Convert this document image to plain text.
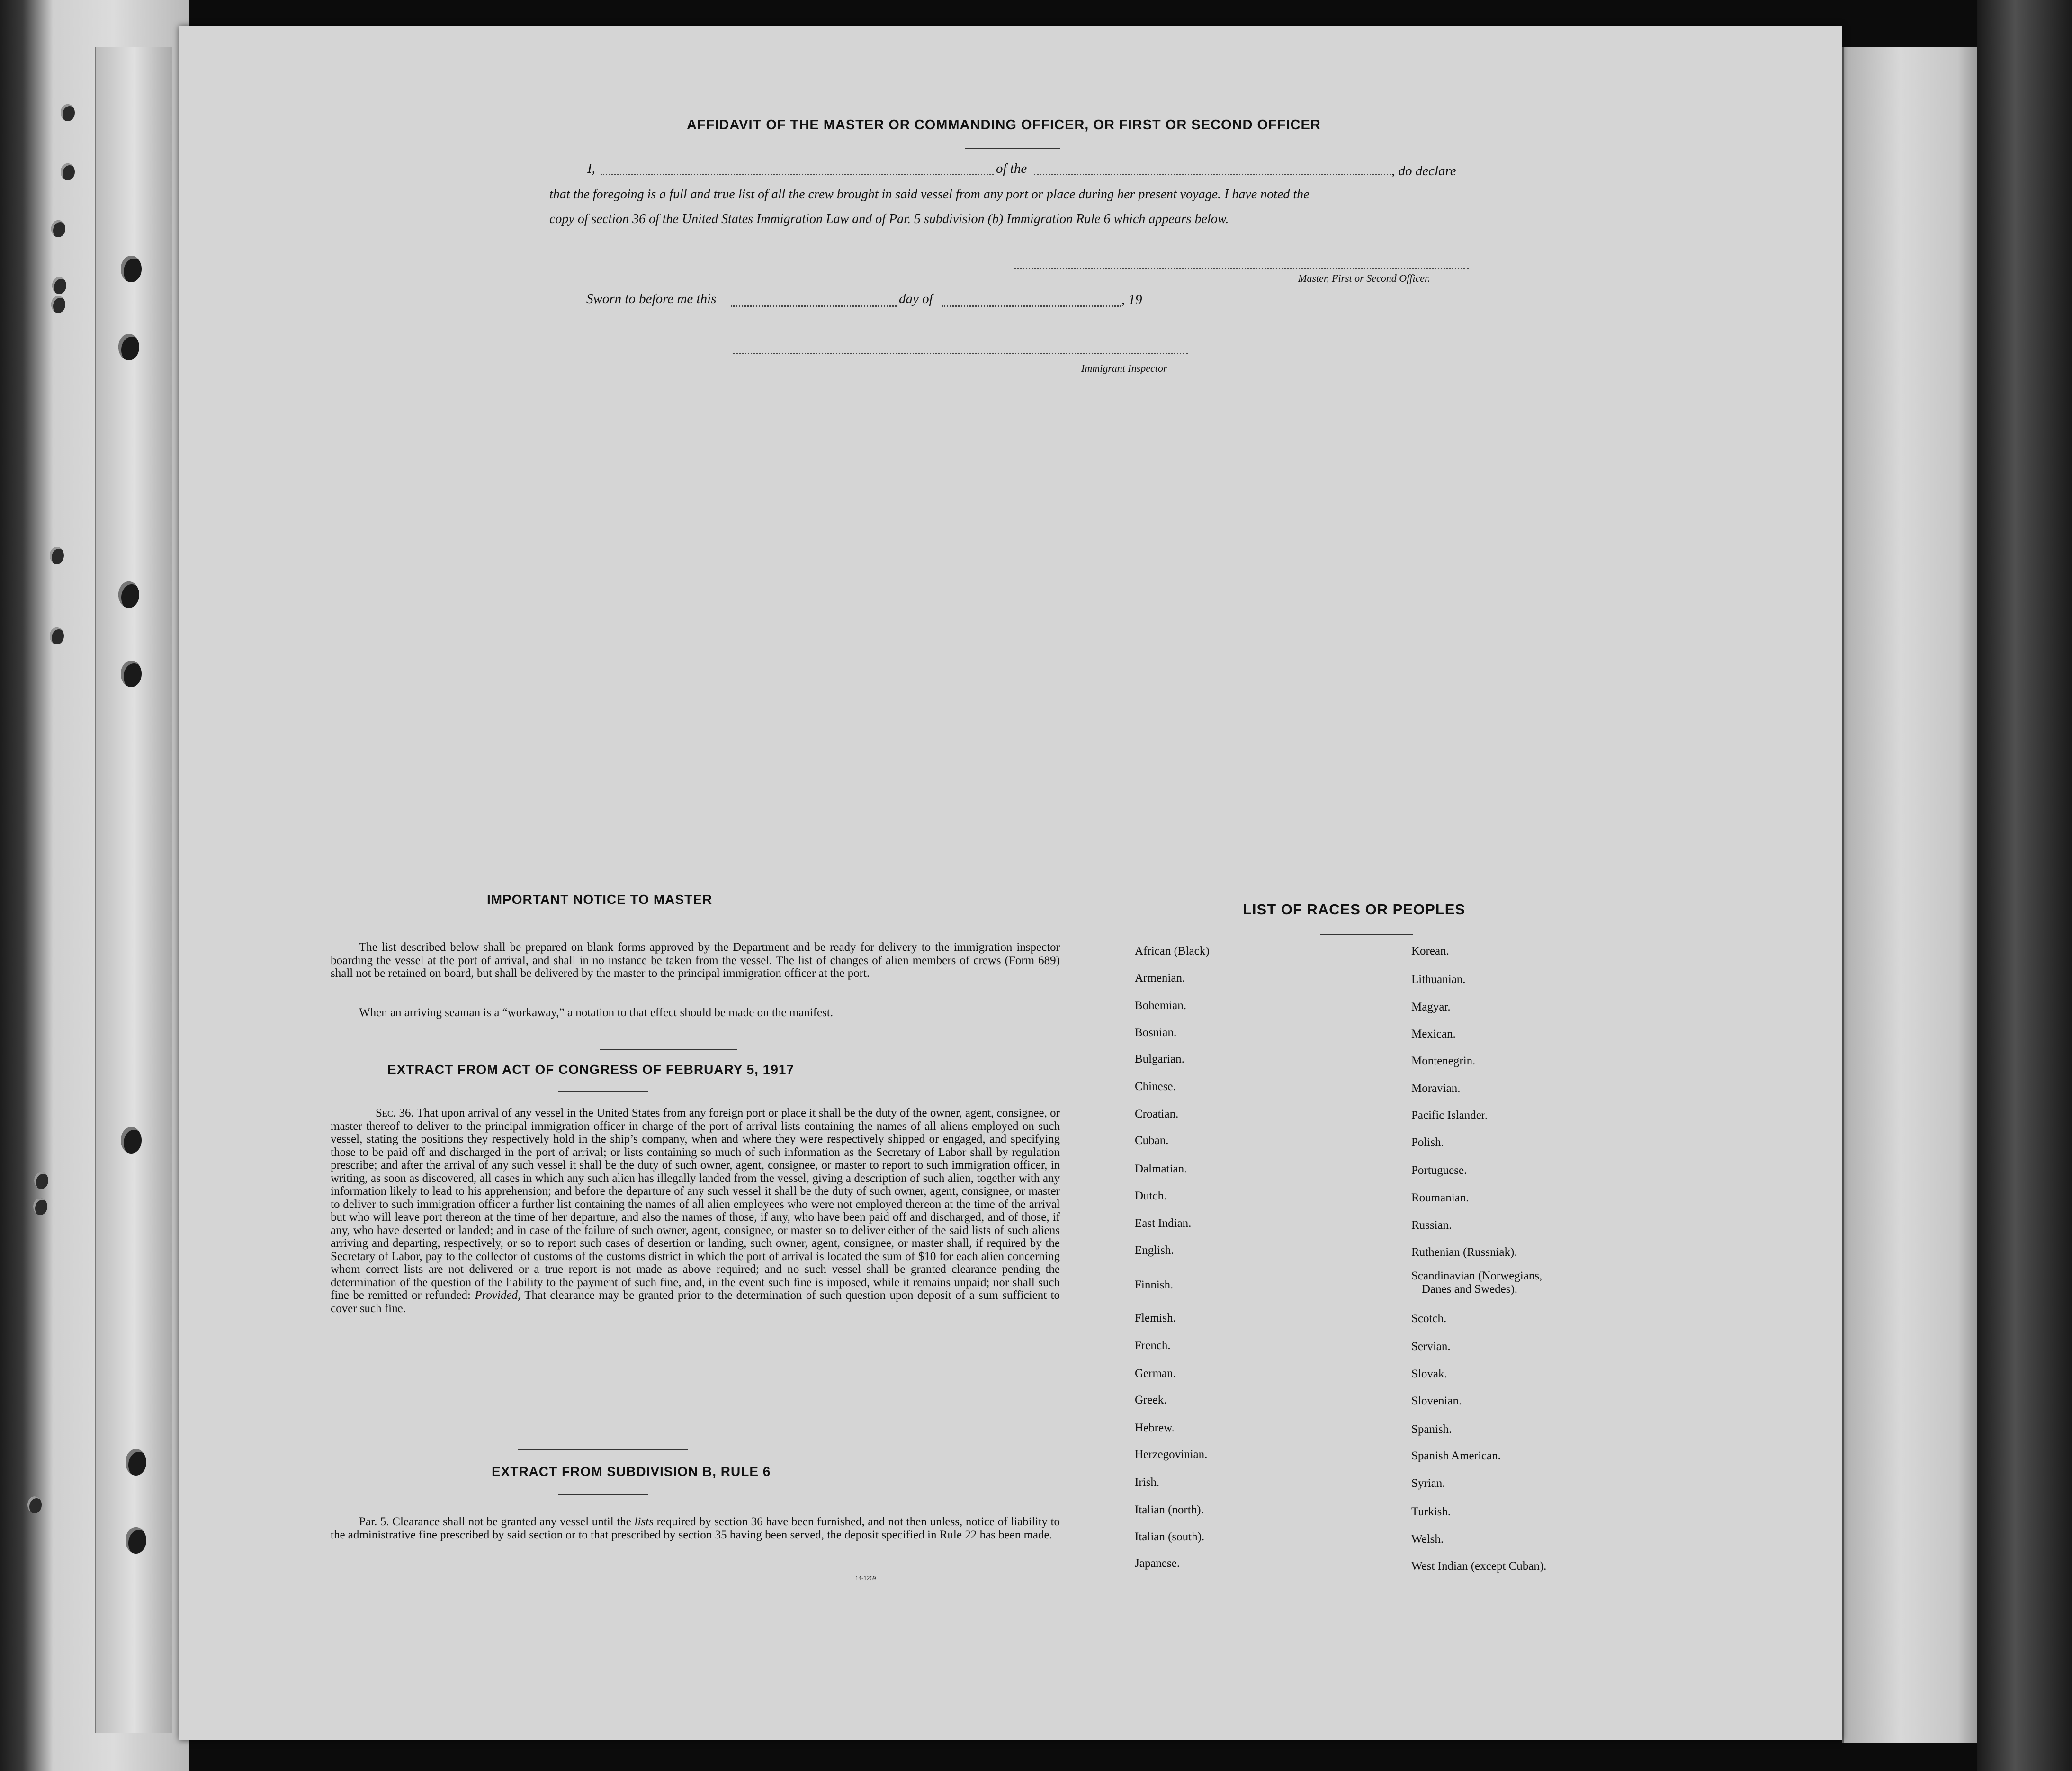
AFFIDAVIT OF THE MASTER OR COMMANDING OFFICER, OR FIRST OR SECOND OFFICER
I,	of the	, do declare
that the foregoing is a full and true list of all the crew brought in said vessel from any port or place during her present voyage. I have noted the
copy of section 36 of the United States Immigration Law and of Par. 5 subdivision (b) Immigration Rule 6 which appears below.
Master, First or Second Officer.
Sworn to before me this	day of	, 19
Immigrant Inspector
IMPORTANT NOTICE TO MASTER
The list described below shall be prepared on blank forms approved by the Department and be ready for delivery to the immigration inspector boarding the vessel at the port of arrival, and shall in no instance be taken from the vessel. The list of changes of alien members of crews (Form 689) shall not be retained on board, but shall be delivered by the master to the principal immigration officer at the port.
When an arriving seaman is a “workaway,” a notation to that effect should be made on the manifest.
EXTRACT FROM ACT OF CONGRESS OF FEBRUARY 5, 1917
Sec. 36. That upon arrival of any vessel in the United States from any foreign port or place it shall be the duty of the owner, agent, consignee, or master thereof to deliver to the principal immigration officer in charge of the port of arrival lists containing the names of all aliens employed on such vessel, stating the positions they respectively hold in the ship’s company, when and where they were respectively shipped or engaged, and specifying those to be paid off and discharged in the port of arrival; or lists containing so much of such information as the Secretary of Labor shall by regulation prescribe; and after the arrival of any such vessel it shall be the duty of such owner, agent, consignee, or master to report to such immigration officer, in writing, as soon as discovered, all cases in which any such alien has illegally landed from the vessel, giving a description of such alien, together with any information likely to lead to his apprehension; and before the departure of any such vessel it shall be the duty of such owner, agent, consignee, or master to deliver to such immigration officer a further list containing the names of all alien employees who were not employed thereon at the time of the arrival but who will leave port thereon at the time of her departure, and also the names of those, if any, who have been paid off and discharged, and of those, if any, who have deserted or landed; and in case of the failure of such owner, agent, consignee, or master so to deliver either of the said lists of such aliens arriving and departing, respectively, or so to report such cases of desertion or landing, such owner, agent, consignee, or master shall, if required by the Secretary of Labor, pay to the collector of customs of the customs district in which the port of arrival is located the sum of $10 for each alien concerning whom correct lists are not delivered or a true report is not made as above required; and no such vessel shall be granted clearance pending the determination of the question of the liability to the payment of such fine, and, in the event such fine is imposed, while it remains unpaid; nor shall such fine be remitted or refunded: Provided, That clearance may be granted prior to the determination of such question upon deposit of a sum sufficient to cover such fine.
EXTRACT FROM SUBDIVISION B, RULE 6
Par. 5. Clearance shall not be granted any vessel until the lists required by section 36 have been furnished, and not then unless, notice of liability to the administrative fine prescribed by said section or to that prescribed by section 35 having been served, the deposit specified in Rule 22 has been made.
14-1269
LIST OF RACES OR PEOPLES
African (Black)
Armenian.
Bohemian.
Bosnian.
Bulgarian.
Chinese.
Croatian.
Cuban.
Dalmatian.
Dutch.
East Indian.
English.
Finnish.
Flemish.
French.
German.
Greek.
Hebrew.
Herzegovinian.
Irish.
Italian (north).
Italian (south).
Japanese.
Korean.
Lithuanian.
Magyar.
Mexican.
Montenegrin.
Moravian.
Pacific Islander.
Polish.
Portuguese.
Roumanian.
Russian.
Ruthenian (Russniak).
Scandinavian (Norwegians,
Danes and Swedes).
Scotch.
Servian.
Slovak.
Slovenian.
Spanish.
Spanish American.
Syrian.
Turkish.
Welsh.
West Indian (except Cuban).
